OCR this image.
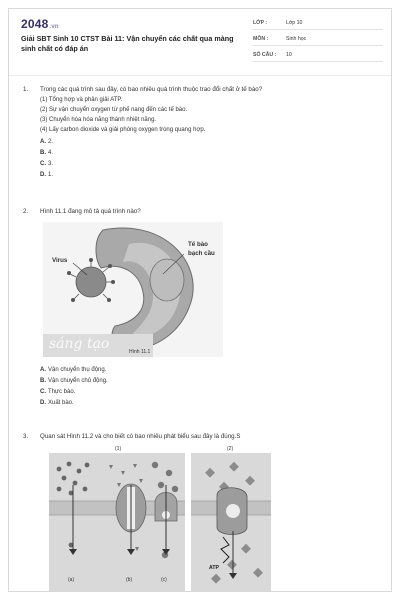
2048.vn
Giải SBT Sinh 10 CTST Bài 11: Vận chuyển các chất qua màng sinh chất có đáp án
LỚP :	Lớp 10
MÔN :	Sinh học
SỐ CÂU : 10
1. Trong các quá trình sau đây, có bao nhiêu quá trình thuộc trao đổi chất ở tế bào?
(1) Tổng hợp và phân giải ATP.
(2) Sự vận chuyển oxygen từ phế nang đến các tế bào.
(3) Chuyển hóa hóa năng thành nhiệt năng.
(4) Lấy carbon dioxide và giải phóng oxygen trong quang hợp.
A. 2.
B. 4.
C. 3.
D. 1.
2. Hình 11.1 đang mô tả quá trình nào?
Virus
Tế bào
bạch cầu
sáng tạo	Hình 11.1
A. Vận chuyển thụ động.
B. Vận chuyển chủ động.
C. Thực bào.
D. Xuất bào.
3. Quan sát Hình 11.2 và cho biết có bao nhiêu phát biểu sau đây là đúng.S
(1)	(2)
(a)	(b)	(c)
ATP
